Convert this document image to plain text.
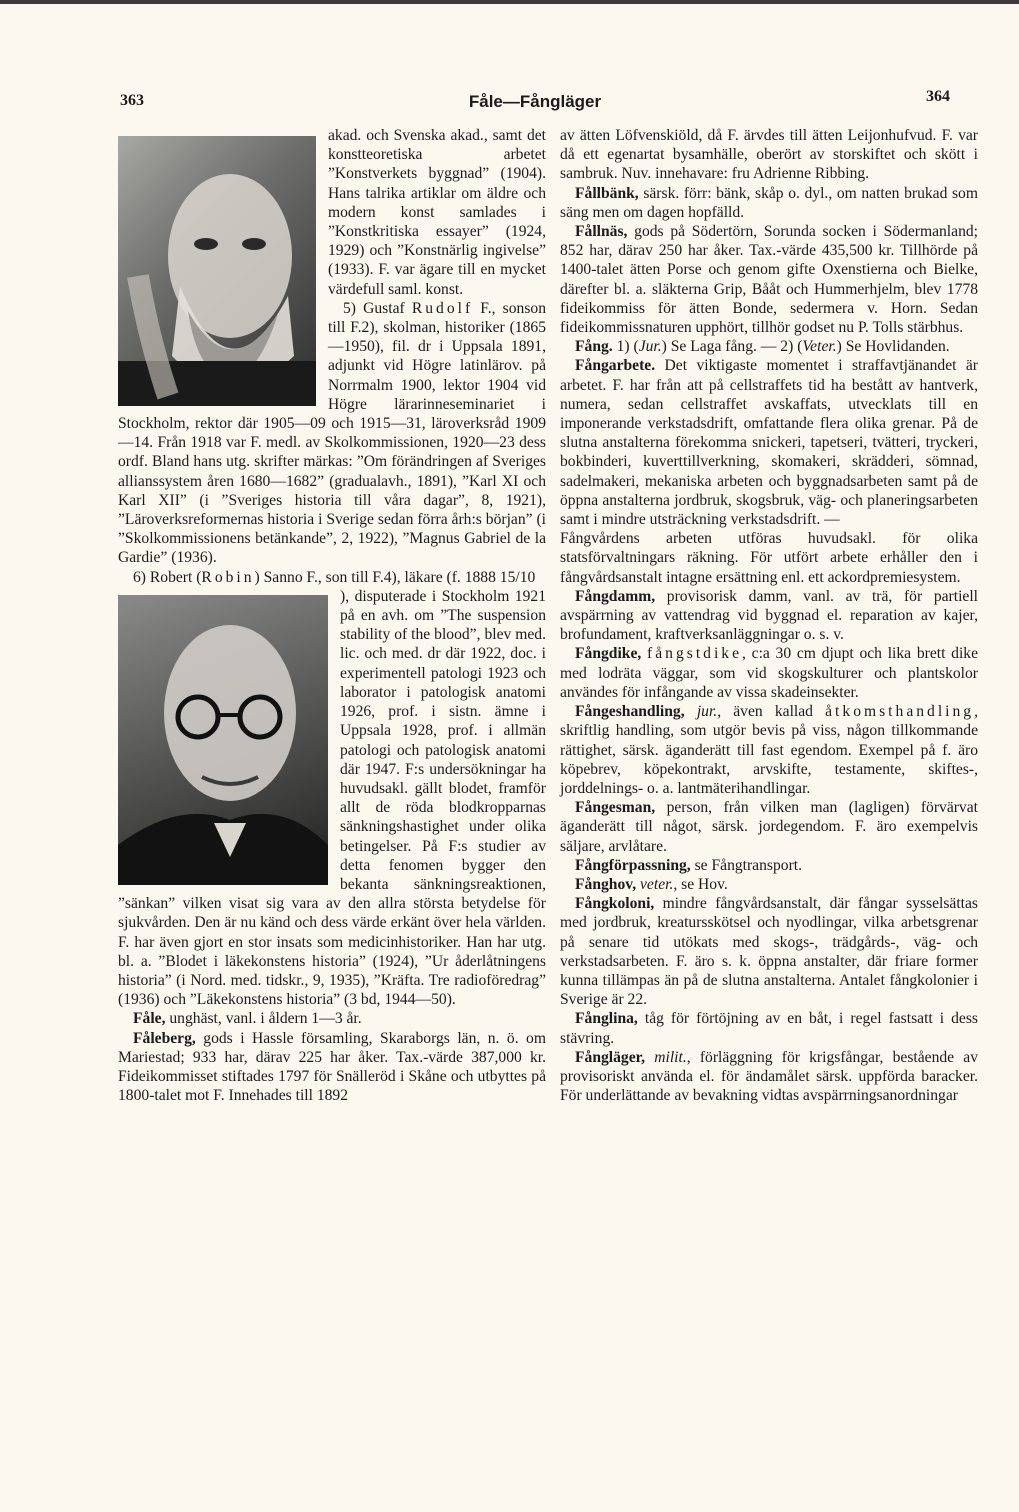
363	Fåle—Fångläger	364

akad. och Svenska akad., samt det konstteoretiska arbetet ”Konstverkets byggnad” (1904). Hans talrika artiklar om äldre och modern konst samlades i ”Konstkritiska essayer” (1924, 1929) och ”Konstnärlig ingivelse” (1933). F. var ägare till en mycket värdefull saml. konst.

5) Gustaf Rudolf F., sonson till F.2), skolman, historiker (1865—1950), fil. dr i Uppsala 1891, adjunkt vid Högre latinlärov. på Norrmalm 1900, lektor 1904 vid Högre lärarinneseminariet i Stockholm, rektor där 1905—09 och 1915—31, läroverksråd 1909—14. Från 1918 var F. medl. av Skolkommissionen, 1920—23 dess ordf. Bland hans utg. skrifter märkas: ”Om förändringen af Sveriges allianssystem åren 1680—1682” (gradualavh., 1891), ”Karl XI och Karl XII” (i ”Sveriges historia till våra dagar”, 8, 1921), ”Läroverksreformernas historia i Sverige sedan förra årh:s början” (i ”Skolkommissionens betänkande”, 2, 1922), ”Magnus Gabriel de la Gardie” (1936).

6) Robert (Robin) Sanno F., son till F.4), läkare (f. 1888 15/10

), disputerade i Stockholm 1921 på en avh. om ”The suspension stability of the blood”, blev med. lic. och med. dr där 1922, doc. i experimentell patologi 1923 och laborator i patologisk anatomi 1926, prof. i sistn. ämne i Uppsala 1928, prof. i allmän patologi och patologisk anatomi där 1947. F:s undersökningar ha huvudsakl. gällt blodet, framför allt de röda blodkropparnas sänkningshastighet under olika betingelser. På F:s studier av detta fenomen bygger den bekanta sänkningsreaktionen, ”sänkan” vilken visat sig vara av den allra största betydelse för sjukvården. Den är nu känd och dess värde erkänt över hela världen. F. har även gjort en stor insats som medicinhistoriker. Han har utg. bl. a. ”Blodet i läkekonstens historia” (1924), ”Ur åderlåtningens historia” (i Nord. med. tidskr., 9, 1935), ”Kräfta. Tre radioföredrag” (1936) och ”Läkekonstens historia” (3 bd, 1944—50).

Fåle, unghäst, vanl. i åldern 1—3 år.

Fåleberg, gods i Hassle församling, Skaraborgs län, n. ö. om Mariestad; 933 har, därav 225 har åker. Tax.-värde 387,000 kr. Fideikommisset stiftades 1797 för Snälleröd i Skåne och utbyttes på 1800-talet mot F. Innehades till 1892

av ätten Löfvenskiöld, då F. ärvdes till ätten Leijonhufvud. F. var då ett egenartat bysamhälle, oberört av storskiftet och skött i sambruk. Nuv. innehavare: fru Adrienne Ribbing.

Fållbänk, särsk. förr: bänk, skåp o. dyl., om natten brukad som säng men om dagen hopfälld.

Fållnäs, gods på Södertörn, Sorunda socken i Södermanland; 852 har, därav 250 har åker. Tax.-värde 435,500 kr. Tillhörde på 1400-talet ätten Porse och genom gifte Oxenstierna och Bielke, därefter bl. a. släkterna Grip, Bååt och Hummerhjelm, blev 1778 fideikommiss för ätten Bonde, sedermera v. Horn. Sedan fideikommissnaturen upphört, tillhör godset nu P. Tolls stärbhus.

Fång. 1) (Jur.) Se Laga fång. — 2) (Veter.) Se Hovlidanden.

Fångarbete. Det viktigaste momentet i straffavtjänandet är arbetet. F. har från att på cellstraffets tid ha bestått av hantverk, numera, sedan cellstraffet avskaffats, utvecklats till en imponerande verkstadsdrift, omfattande flera olika grenar. På de slutna anstalterna förekomma snickeri, tapetseri, tvätteri, tryckeri, bokbinderi, kuverttillverkning, skomakeri, skrädderi, sömnad, sadelmakeri, mekaniska arbeten och byggnadsarbeten samt på de öppna anstalterna jordbruk, skogsbruk, väg- och planeringsarbeten samt i mindre utsträckning verkstadsdrift. —

Fångvårdens arbeten utföras huvudsakl. för olika statsförvaltningars räkning. För utfört arbete erhåller den i fångvårdsanstalt intagne ersättning enl. ett ackordpremiesystem.

Fångdamm, provisorisk damm, vanl. av trä, för partiell avspärrning av vattendrag vid byggnad el. reparation av kajer, brofundament, kraftverksanläggningar o. s. v.

Fångdike, fångstdike, c:a 30 cm djupt och lika brett dike med lodräta väggar, som vid skogskulturer och plantskolor användes för infångande av vissa skadeinsekter.

Fångeshandling, jur., även kallad åtkomsthandling, skriftlig handling, som utgör bevis på viss, någon tillkommande rättighet, särsk. äganderätt till fast egendom. Exempel på f. äro köpebrev, köpekontrakt, arvskifte, testamente, skiftes-, jorddelnings- o. a. lantmäterihandlingar.

Fångesman, person, från vilken man (lagligen) förvärvat äganderätt till något, särsk. jordegendom. F. äro exempelvis säljare, arvlåtare.

Fångförpassning, se Fångtransport.

Fånghov, veter., se Hov.

Fångkoloni, mindre fångvårdsanstalt, där fångar sysselsättas med jordbruk, kreatursskötsel och nyodlingar, vilka arbetsgrenar på senare tid utökats med skogs-, trädgårds-, väg- och verkstadsarbeten. F. äro s. k. öppna anstalter, där friare former kunna tillämpas än på de slutna anstalterna. Antalet fångkolonier i Sverige är 22.

Fånglina, tåg för förtöjning av en båt, i regel fastsatt i dess stävring.

Fångläger, milit., förläggning för krigsfångar, bestående av provisoriskt använda el. för ändamålet särsk. uppförda baracker. För underlättande av bevakning vidtas avspärrningsanordningar
